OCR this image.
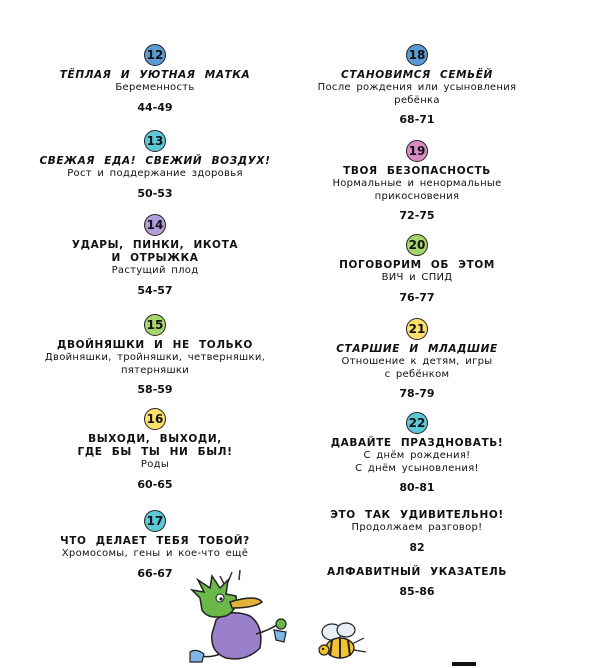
12
ТЁПЛАЯ И УЮТНАЯ МАТКА
Беременность
44-49
13
СВЕЖАЯ ЕДА! СВЕЖИЙ ВОЗДУХ!
Рост и поддержание здоровья
50-53
14
УДАРЫ, ПИНКИ, ИКОТА
И ОТРЫЖКА
Растущий плод
54-57
15
ДВОЙНЯШКИ И НЕ ТОЛЬКО
Двойняшки, тройняшки, четверняшки,
пятерняшки
58-59
16
ВЫХОДИ, ВЫХОДИ,
ГДЕ БЫ ТЫ НИ БЫЛ!
Роды
60-65
17
ЧТО ДЕЛАЕТ ТЕБЯ ТОБОЙ?
Хромосомы, гены и кое-что ещё
66-67
18
СТАНОВИМСЯ СЕМЬЁЙ
После рождения или усыновления
ребёнка
68-71
19
ТВОЯ БЕЗОПАСНОСТЬ
Нормальные и ненормальные
прикосновения
72-75
20
ПОГОВОРИМ ОБ ЭТОМ
ВИЧ и СПИД
76-77
21
СТАРШИЕ И МЛАДШИЕ
Отношение к детям, игры
с ребёнком
78-79
22
ДАВАЙТЕ ПРАЗДНОВАТЬ!
С днём рождения!
С днём усыновления!
80-81
ЭТО ТАК УДИВИТЕЛЬНО!
Продолжаем разговор!
82
АЛФАВИТНЫЙ УКАЗАТЕЛЬ
85-86
